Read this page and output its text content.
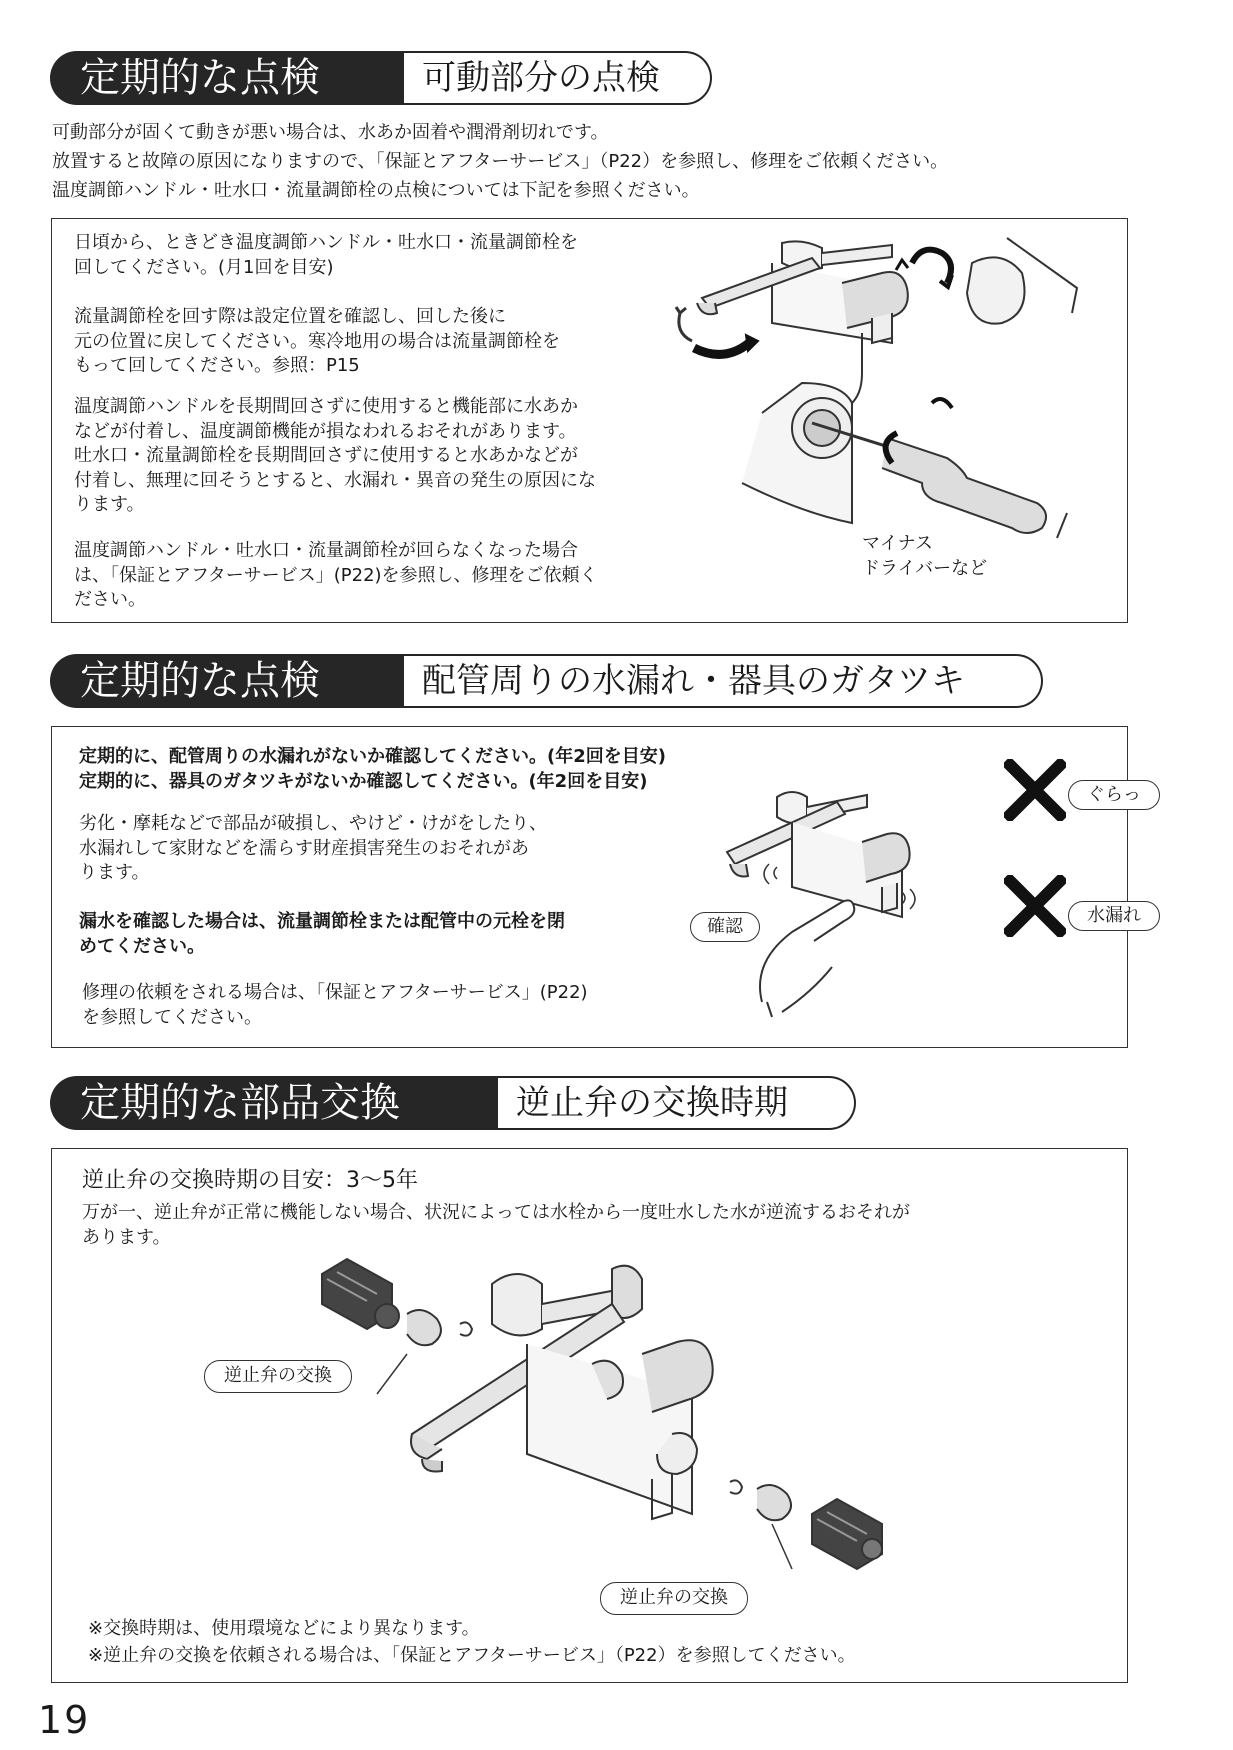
定期的な点検	可動部分の点検

可動部分が固くて動きが悪い場合は、水あか固着や潤滑剤切れです。

放置すると故障の原因になりますので、「保証とアフターサービス」（P22）を参照し、修理をご依頼ください。

温度調節ハンドル・吐水口・流量調節栓の点検については下記を参照ください。

日頃から、ときどき温度調節ハンドル・吐水口・流量調節栓を

回してください。(月1回を目安)

流量調節栓を回す際は設定位置を確認し、回した後に

元の位置に戻してください。寒冷地用の場合は流量調節栓を

もって回してください。参照：P15

温度調節ハンドルを長期間回さずに使用すると機能部に水あか

などが付着し、温度調節機能が損なわれるおそれがあります。

吐水口・流量調節栓を長期間回さずに使用すると水あかなどが

付着し、無理に回そうとすると、水漏れ・異音の発生の原因にな

ります。

温度調節ハンドル・吐水口・流量調節栓が回らなくなった場合

は、「保証とアフターサービス」(P22)を参照し、修理をご依頼く

ださい。

マイナス

ドライバーなど

定期的な点検	配管周りの水漏れ・器具のガタツキ

定期的に、配管周りの水漏れがないか確認してください。(年2回を目安)

定期的に、器具のガタツキがないか確認してください。(年2回を目安)

劣化・摩耗などで部品が破損し、やけど・けがをしたり、

水漏れして家財などを濡らす財産損害発生のおそれがあ

ります。

漏水を確認した場合は、流量調節栓または配管中の元栓を閉

めてください。

修理の依頼をされる場合は、「保証とアフターサービス」(P22)

を参照してください。

ぐらっ
水漏れ
確認
定期的な部品交換	逆止弁の交換時期
逆止弁の交換時期の目安：3〜5年

万が一、逆止弁が正常に機能しない場合、状況によっては水栓から一度吐水した水が逆流するおそれが

あります。

逆止弁の交換
逆止弁の交換
※交換時期は、使用環境などにより異なります。
※逆止弁の交換を依頼される場合は、「保証とアフターサービス」（P22）を参照してください。
19
